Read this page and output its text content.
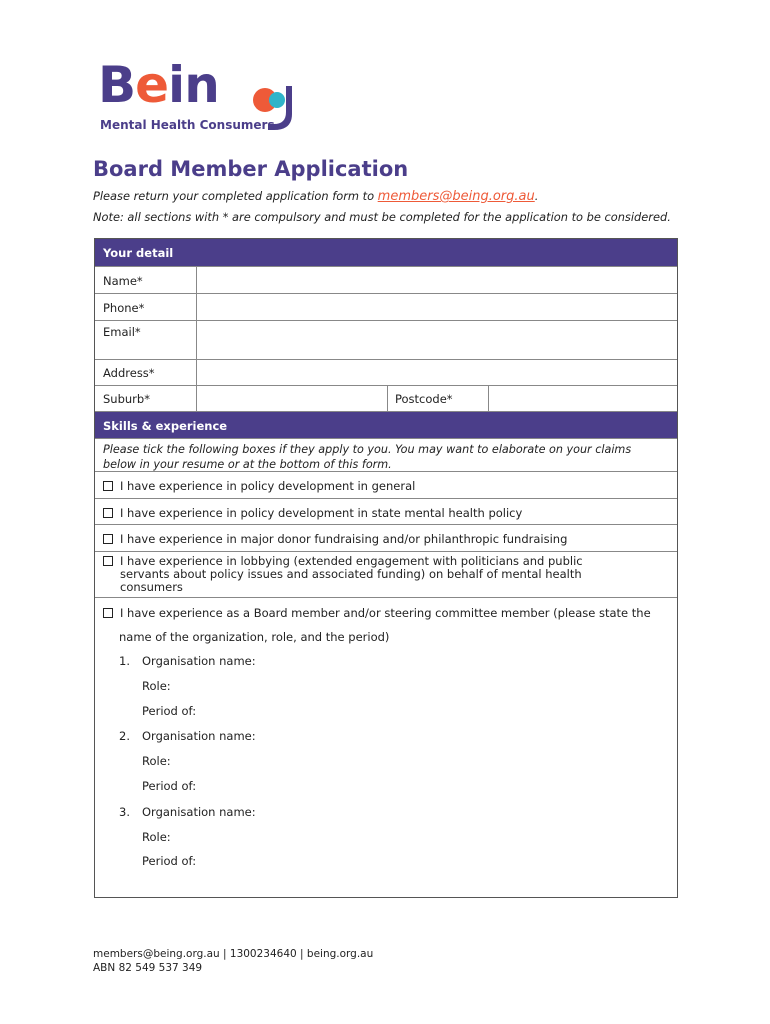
Bein
Mental Health Consumers
Board Member Application
Please return your completed application form to members@being.org.au.
Note: all sections with * are compulsory and must be completed for the application to be considered.
Your detail
Name*
Phone*
Email*
Address*
Suburb*	Postcode*
Skills & experience
Please tick the following boxes if they apply to you. You may want to elaborate on your claims below in your resume or at the bottom of this form.
I have experience in policy development in general
I have experience in policy development in state mental health policy
I have experience in major donor fundraising and/or philanthropic fundraising
I have experience in lobbying (extended engagement with politicians and public
servants about policy issues and associated funding) on behalf of mental health
consumers
I have experience as a Board member and/or steering committee member (please state the
name of the organization, role, and the period)
1. Organisation name:
Role:
Period of:
2. Organisation name:
Role:
Period of:
3. Organisation name:
Role:
Period of:
members@being.org.au | 1300234640 | being.org.au
ABN 82 549 537 349
